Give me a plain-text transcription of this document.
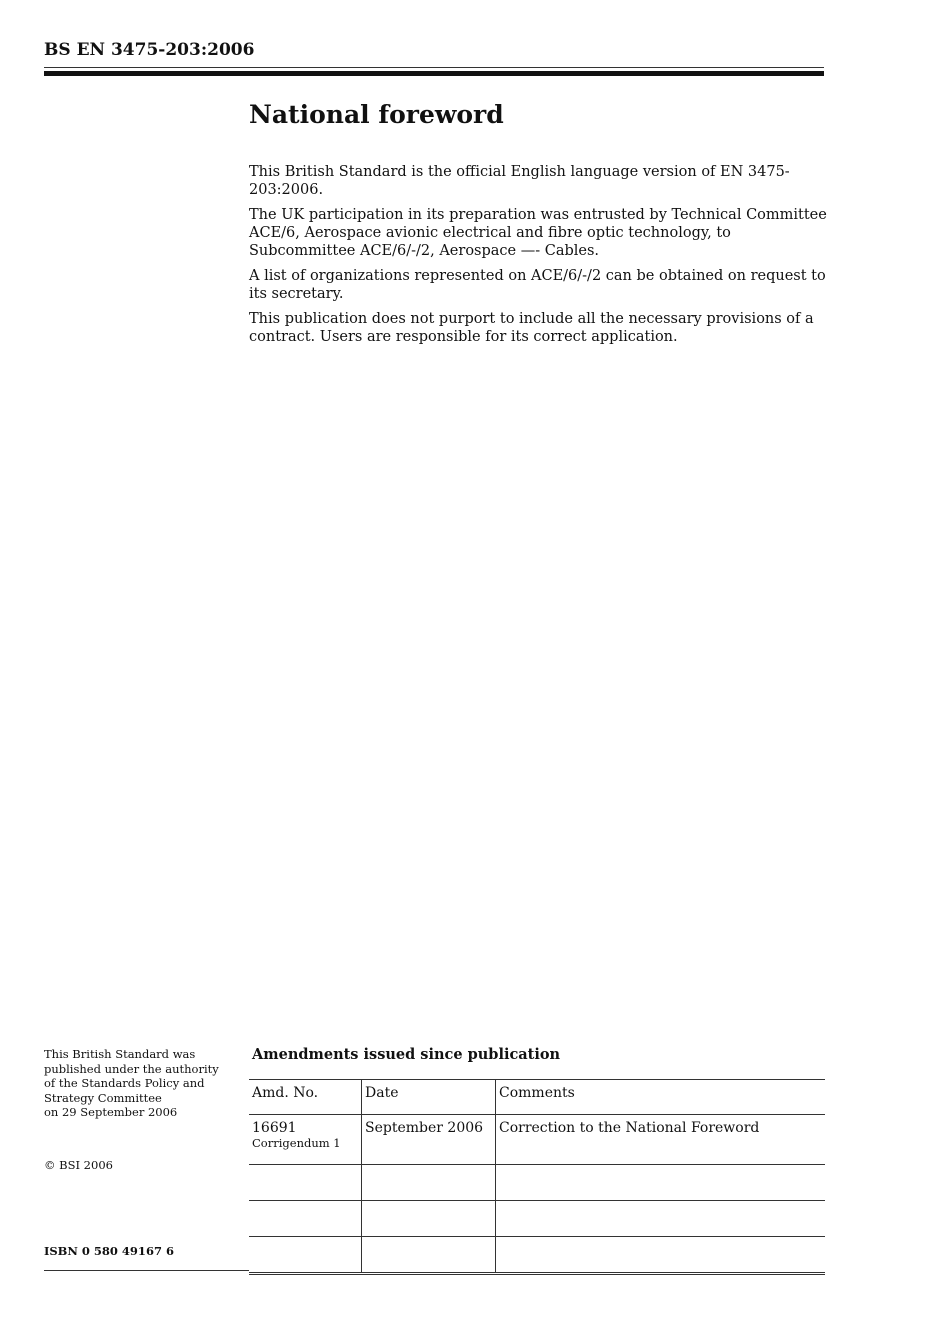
BS EN 3475-203:2006
National foreword

This British Standard is the official English language version of EN 3475-203:2006.

The UK participation in its preparation was entrusted by Technical Committee ACE/6, Aerospace avionic electrical and fibre optic technology, to Subcommittee ACE/6/-/2, Aerospace —- Cables.

A list of organizations represented on ACE/6/-/2 can be obtained on request to its secretary.

This publication does not purport to include all the necessary provisions of a contract. Users are responsible for its correct application.

This British Standard was
published under the authority
of the Standards Policy and
Strategy Committee
on 29 September 2006
© BSI 2006
ISBN 0 580 49167 6
Amendments issued since publication
Amd. No.	Date	Comments
16691
Corrigendum 1	September 2006	Correction to the National Foreword
